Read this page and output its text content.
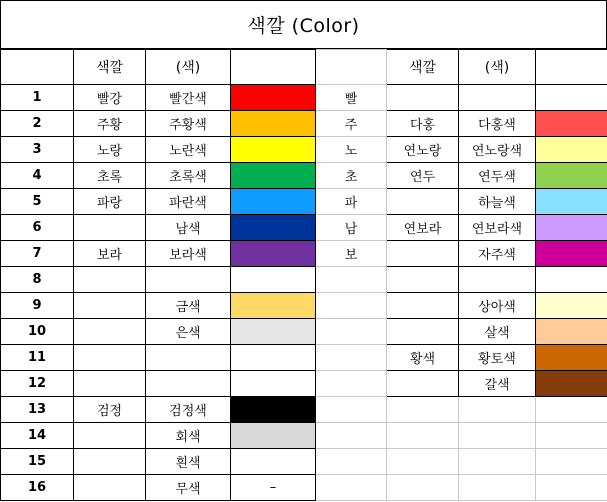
색깔 (Color)
	색깔	(색)			색깔	(색)	
1	빨강	빨간색		빨			
2	주황	주황색		주	다홍	다홍색	
3	노랑	노란색		노	연노랑	연노랑색	
4	초록	초록색		초	연두	연두색	
5	파랑	파란색		파		하늘색	
6		남색		남	연보라	연보라색	
7	보라	보라색		보		자주색	
8							
9		금색				상아색	
10		은색				살색	
11					황색	황토색	
12						갈색	
13	검정	검정색					
14		회색					
15		흰색					
16		무색	–				
